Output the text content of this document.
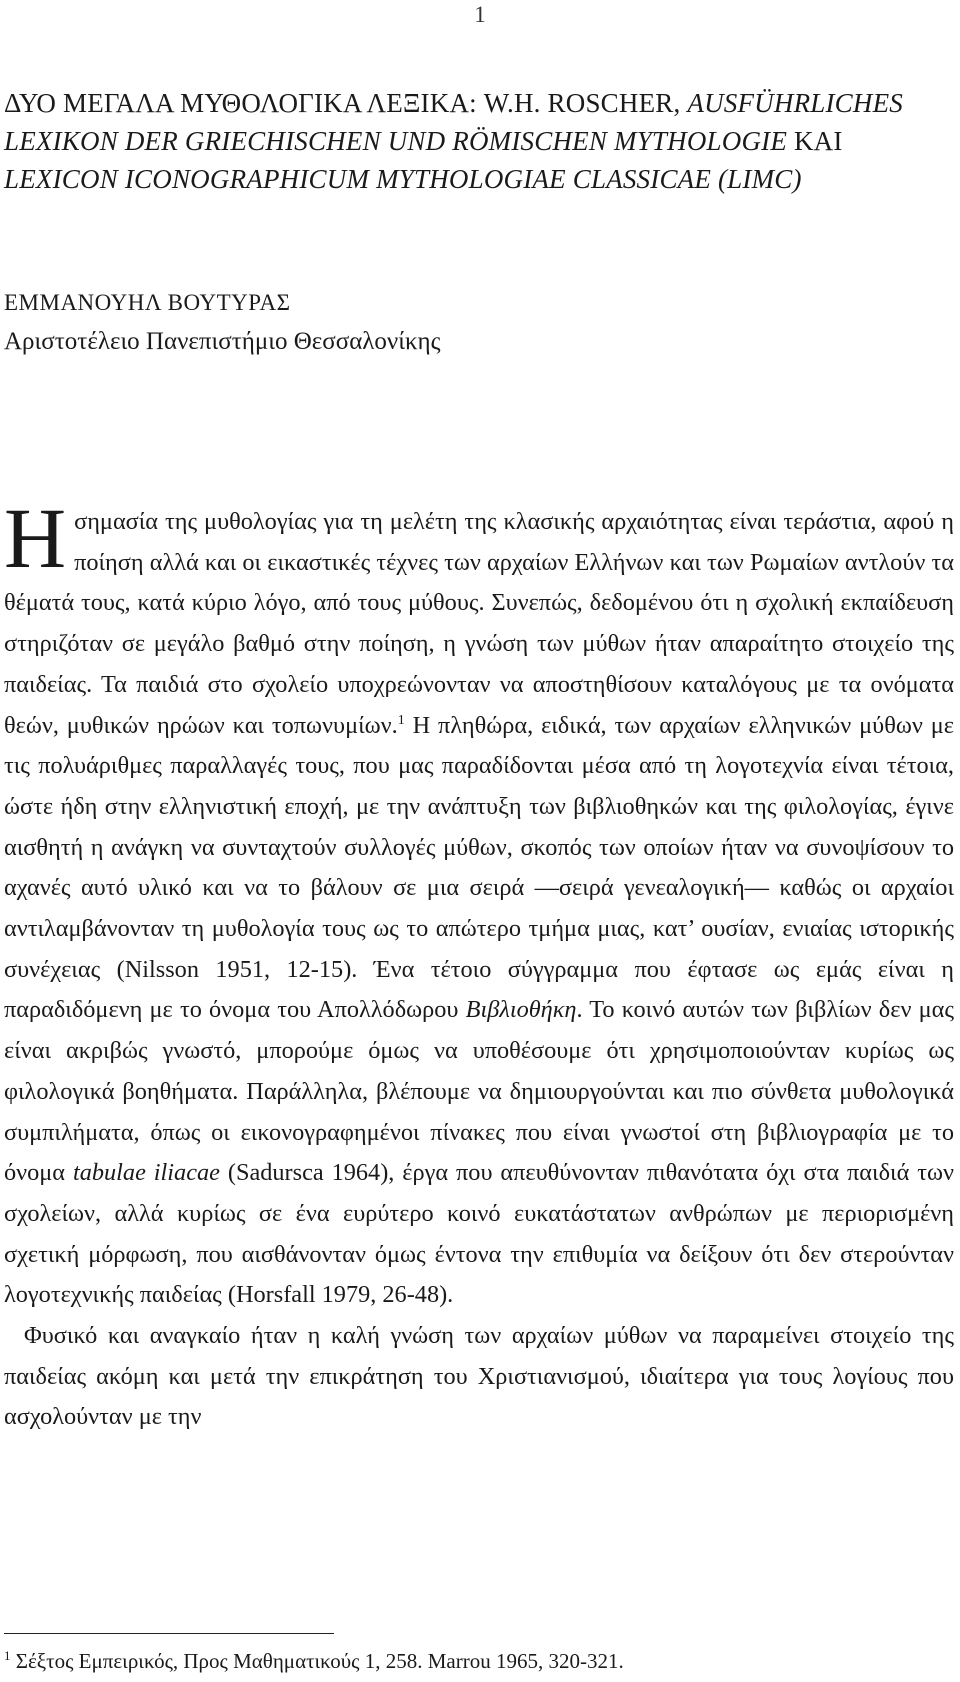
1
ΔΥΟ ΜΕΓΑΛΑ ΜΥΘΟΛΟΓΙΚΑ ΛΕΞΙΚΑ: W.H. ROSCHER, AUSFÜHRLICHES LEXIKON DER GRIECHISCHEN UND RÖMISCHEN MYTHOLOGIE ΚΑΙ LEXICON ICONOGRAPHICUM MYTHOLOGIAE CLASSICAE (LIMC)
ΕΜΜΑΝΟΥΗΛ ΒΟΥΤΥΡΑΣ
Αριστοτέλειο Πανεπιστήμιο Θεσσαλονίκης

Ησημασία της μυθολογίας για τη μελέτη της κλασικής αρχαιότητας είναι τεράστια, αφού η ποίηση αλλά και οι εικαστικές τέχνες των αρχαίων Ελλήνων και των Ρωμαίων αντλούν τα θέματά τους, κατά κύριο λόγο, από τους μύθους. Συνεπώς, δεδομένου ότι η σχολική εκπαίδευση στηριζόταν σε μεγάλο βαθμό στην ποίηση, η γνώση των μύθων ήταν απαραίτητο στοιχείο της παιδείας. Τα παιδιά στο σχολείο υποχρεώνονταν να αποστηθίσουν καταλόγους με τα ονόματα θεών, μυθικών ηρώων και τοπωνυμίων.$^1$ Η πληθώρα, ειδικά, των αρχαίων ελληνικών μύθων με τις πολυάριθμες παραλλαγές τους, που μας παραδίδονται μέσα από τη λογοτεχνία είναι τέτοια, ώστε ήδη στην ελληνιστική εποχή, με την ανάπτυξη των βιβλιοθηκών και της φιλολογίας, έγινε αισθητή η ανάγκη να συνταχτούν συλλογές μύθων, σκοπός των οποίων ήταν να συνοψίσουν το αχανές αυτό υλικό και να το βάλουν σε μια σειρά —σειρά γενεαλογική— καθώς οι αρχαίοι αντιλαμβάνονταν τη μυθολογία τους ως το απώτερο τμήμα μιας, κατ’ ουσίαν, ενιαίας ιστορικής συνέχειας (Nilsson 1951, 12-15). Ένα τέτοιο σύγγραμμα που έφτασε ως εμάς είναι η παραδιδόμενη με το όνομα του Απολλόδωρου Βιβλιοθήκη. Το κοινό αυτών των βιβλίων δεν μας είναι ακριβώς γνωστό, μπορούμε όμως να υποθέσουμε ότι χρησιμοποιούνταν κυρίως ως φιλολογικά βοηθήματα. Παράλληλα, βλέπουμε να δημιουργούνται και πιο σύνθετα μυθολογικά συμπιλήματα, όπως οι εικονογραφημένοι πίνακες που είναι γνωστοί στη βιβλιογραφία με το όνομα tabulae iliacae (Sadursca 1964), έργα που απευθύνονταν πιθανότατα όχι στα παιδιά των σχολείων, αλλά κυρίως σε ένα ευρύτερο κοινό ευκατάστατων ανθρώπων με περιορισμένη σχετική μόρφωση, που αισθάνονταν όμως έντονα την επιθυμία να δείξουν ότι δεν στερούνταν λογοτεχνικής παιδείας (Horsfall 1979, 26-48).

Φυσικό και αναγκαίο ήταν η καλή γνώση των αρχαίων μύθων να παραμείνει στοιχείο της παιδείας ακόμη και μετά την επικράτηση του Χριστιανισμού, ιδιαίτερα για τους λογίους που ασχολούνταν με την

$^1$ Σέξτος Εμπειρικός, Προς Μαθηματικούς 1, 258. Marrou 1965, 320-321.
